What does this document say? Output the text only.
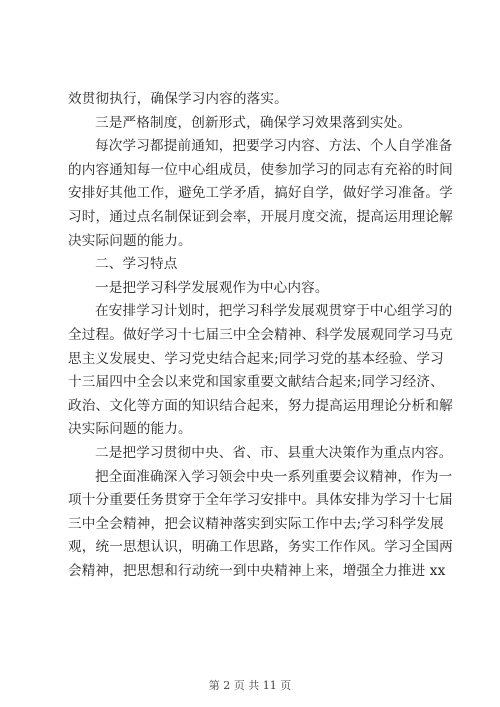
效贯彻执行，确保学习内容的落实。
三是严格制度，创新形式，确保学习效果落到实处。
每次学习都提前通知，把要学习内容、方法、个人自学准备
的内容通知每一位中心组成员，使参加学习的同志有充裕的时间
安排好其他工作，避免工学矛盾，搞好自学，做好学习准备。学
习时，通过点名制保证到会率，开展月度交流，提高运用理论解
决实际问题的能力。
二、学习特点
一是把学习科学发展观作为中心内容。
在安排学习计划时，把学习科学发展观贯穿于中心组学习的
全过程。做好学习十七届三中全会精神、科学发展观同学习马克
思主义发展史、学习党史结合起来;同学习党的基本经验、学习
十三届四中全会以来党和国家重要文献结合起来;同学习经济、
政治、文化等方面的知识结合起来，努力提高运用理论分析和解
决实际问题的能力。
二是把学习贯彻中央、省、市、县重大决策作为重点内容。
把全面准确深入学习领会中央一系列重要会议精神，作为一
项十分重要任务贯穿于全年学习安排中。具体安排为学习十七届
三中全会精神，把会议精神落实到实际工作中去;学习科学发展
观，统一思想认识，明确工作思路，务实工作作风。学习全国两
会精神，把思想和行动统一到中央精神上来，增强全力推进 xx
第 2 页 共 11 页
